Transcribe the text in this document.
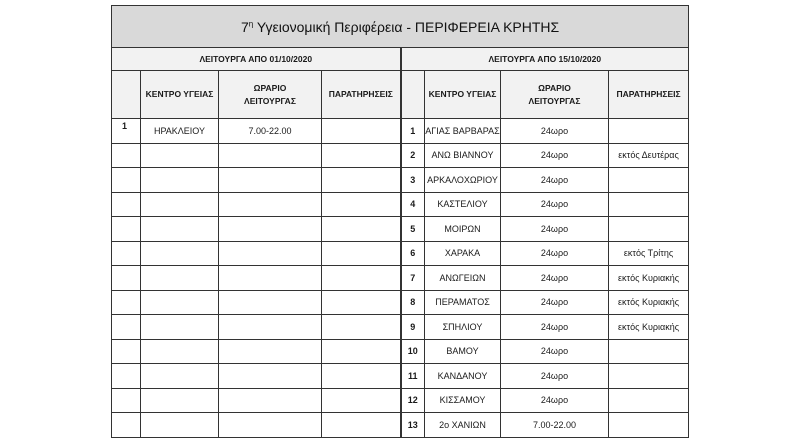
$7^\eta$ Υγειονομική Περιφέρεια - ΠΕΡΙΦΕΡΕΙΑ ΚΡΗΤΗΣ							
ΛΕΙΤΟΥΡΓΑ ΑΠΟ 01/10/2020				ΛΕΙΤΟΥΡΓΑ ΑΠΟ 15/10/2020			
	ΚΕΝΤΡΟ ΥΓΕΙΑΣ	ΩΡΑΡΙΟ
ΛΕΙΤΟΥΡΓΑΣ	ΠΑΡΑΤΗΡΗΣΕΙΣ		ΚΕΝΤΡΟ ΥΓΕΙΑΣ	ΩΡΑΡΙΟ
ΛΕΙΤΟΥΡΓΑΣ	ΠΑΡΑΤΗΡΗΣΕΙΣ
1	ΗΡΑΚΛΕΙΟΥ	7.00-22.00		1	ΑΓΙΑΣ ΒΑΡΒΑΡΑΣ	24ωρο	
				2	ΑΝΩ ΒΙΑΝΝΟΥ	24ωρο	εκτός Δευτέρας
				3	ΑΡΚΑΛΟΧΩΡΙΟΥ	24ωρο	
				4	ΚΑΣΤΕΛΙΟΥ	24ωρο	
				5	ΜΟΙΡΩΝ	24ωρο	
				6	ΧΑΡΑΚΑ	24ωρο	εκτός Τρίτης
				7	ΑΝΩΓΕΙΩΝ	24ωρο	εκτός Κυριακής
				8	ΠΕΡΑΜΑΤΟΣ	24ωρο	εκτός Κυριακής
				9	ΣΠΗΛΙΟΥ	24ωρο	εκτός Κυριακής
				10	ΒΑΜΟΥ	24ωρο	
				11	ΚΑΝΔΑΝΟΥ	24ωρο	
				12	ΚΙΣΣΑΜΟΥ	24ωρο	
				13	2ο ΧΑΝΙΩΝ	7.00-22.00	
